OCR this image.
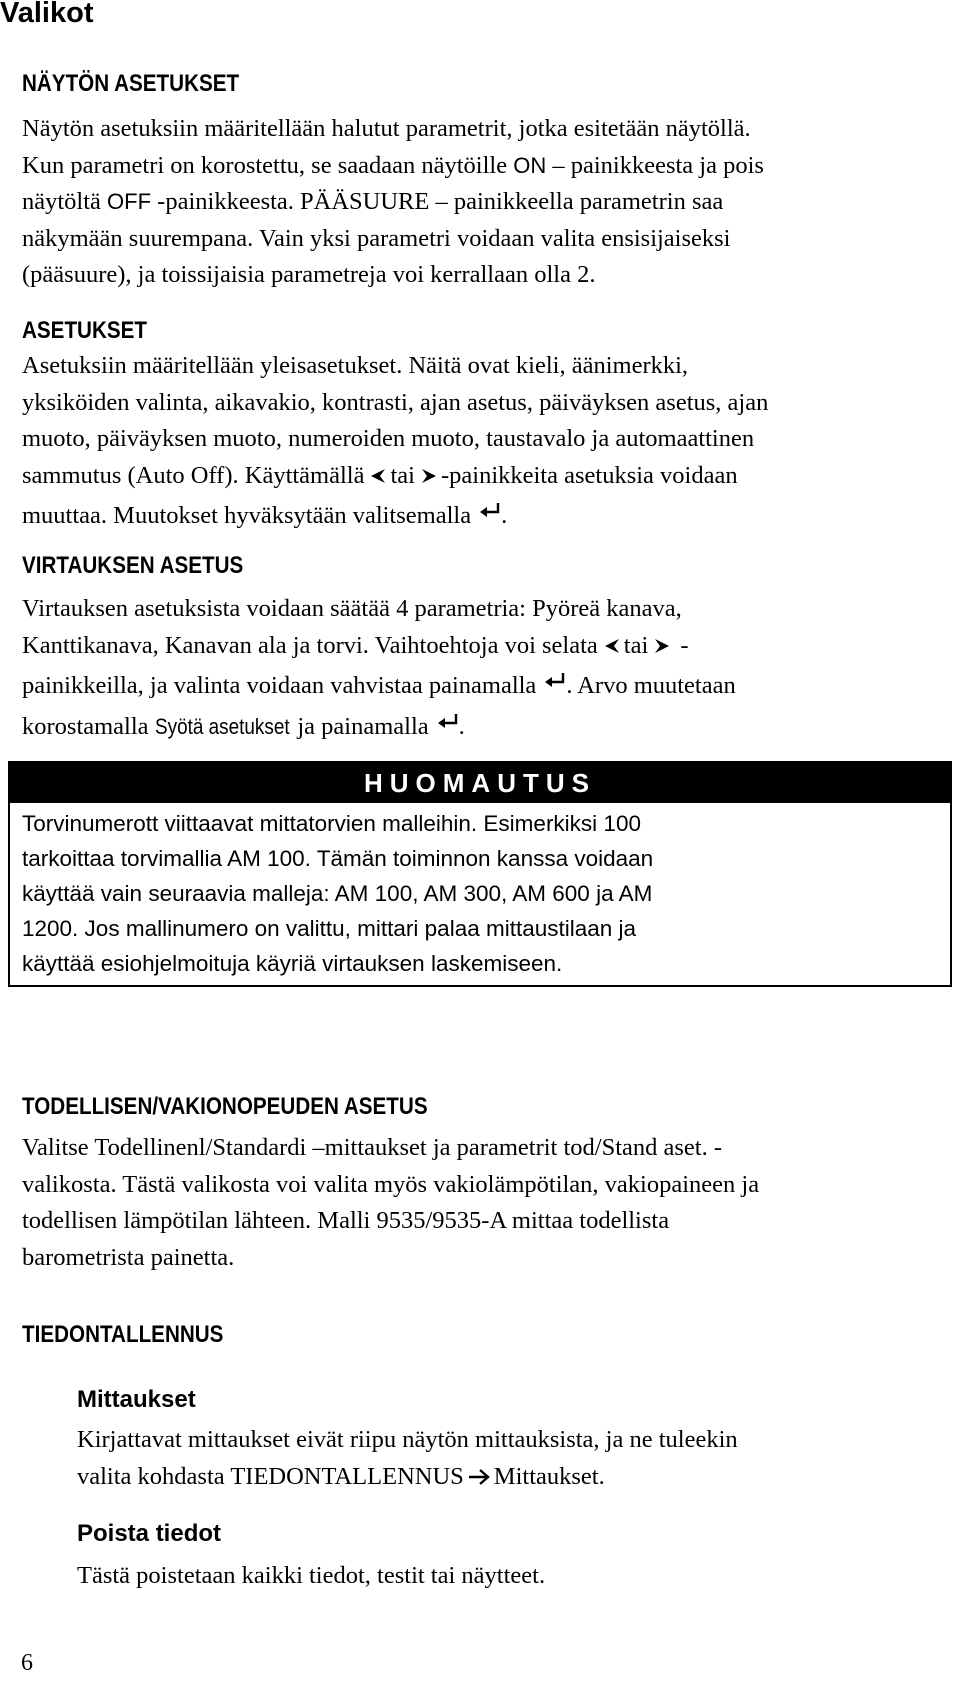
Valikot
NÄYTÖN ASETUKSET

Näytön asetuksiin määritellään halutut parametrit, jotka esitetään näytöllä.
Kun parametri on korostettu, se saadaan näytöille ON – painikkeesta ja pois
näytöltä OFF -painikkeesta. PÄÄSUURE – painikkeella parametrin saa
näkymään suurempana. Vain yksi parametri voidaan valita ensisijaiseksi
(pääsuure), ja toissijaisia parametreja voi kerrallaan olla 2.

ASETUKSET

Asetuksiin määritellään yleisasetukset. Näitä ovat kieli, äänimerkki,
yksiköiden valinta, aikavakio, kontrasti, ajan asetus, päiväyksen asetus, ajan
muoto, päiväyksen muoto, numeroiden muoto, taustavalo ja automaattinen
sammutus (Auto Off). Käyttämällä tai -painikkeita asetuksia voidaan
muuttaa. Muutokset hyväksytään valitsemalla .

VIRTAUKSEN ASETUS

Virtauksen asetuksista voidaan säätää 4 parametria: Pyöreä kanava,
Kanttikanava, Kanavan ala ja torvi. Vaihtoehtoja voi selata tai -
painikkeilla, ja valinta voidaan vahvistaa painamalla . Arvo muutetaan
korostamalla Syötä asetukset ja painamalla .

HUOMAUTUS

Torvinumerott viittaavat mittatorvien malleihin. Esimerkiksi 100
tarkoittaa torvimallia AM 100. Tämän toiminnon kanssa voidaan
käyttää vain seuraavia malleja: AM 100, AM 300, AM 600 ja AM
1200. Jos mallinumero on valittu, mittari palaa mittaustilaan ja
käyttää esiohjelmoituja käyriä virtauksen laskemiseen.

TODELLISEN/VAKIONOPEUDEN ASETUS

Valitse Todellinenl/Standardi –mittaukset ja parametrit tod/Stand aset. -
valikosta. Tästä valikosta voi valita myös vakiolämpötilan, vakiopaineen ja
todellisen lämpötilan lähteen. Malli 9535/9535-A mittaa todellista
barometrista painetta.

TIEDONTALLENNUS
Mittaukset

Kirjattavat mittaukset eivät riipu näytön mittauksista, ja ne tuleekin
valita kohdasta TIEDONTALLENNUS Mittaukset.

Poista tiedot

Tästä poistetaan kaikki tiedot, testit tai näytteet.

6
